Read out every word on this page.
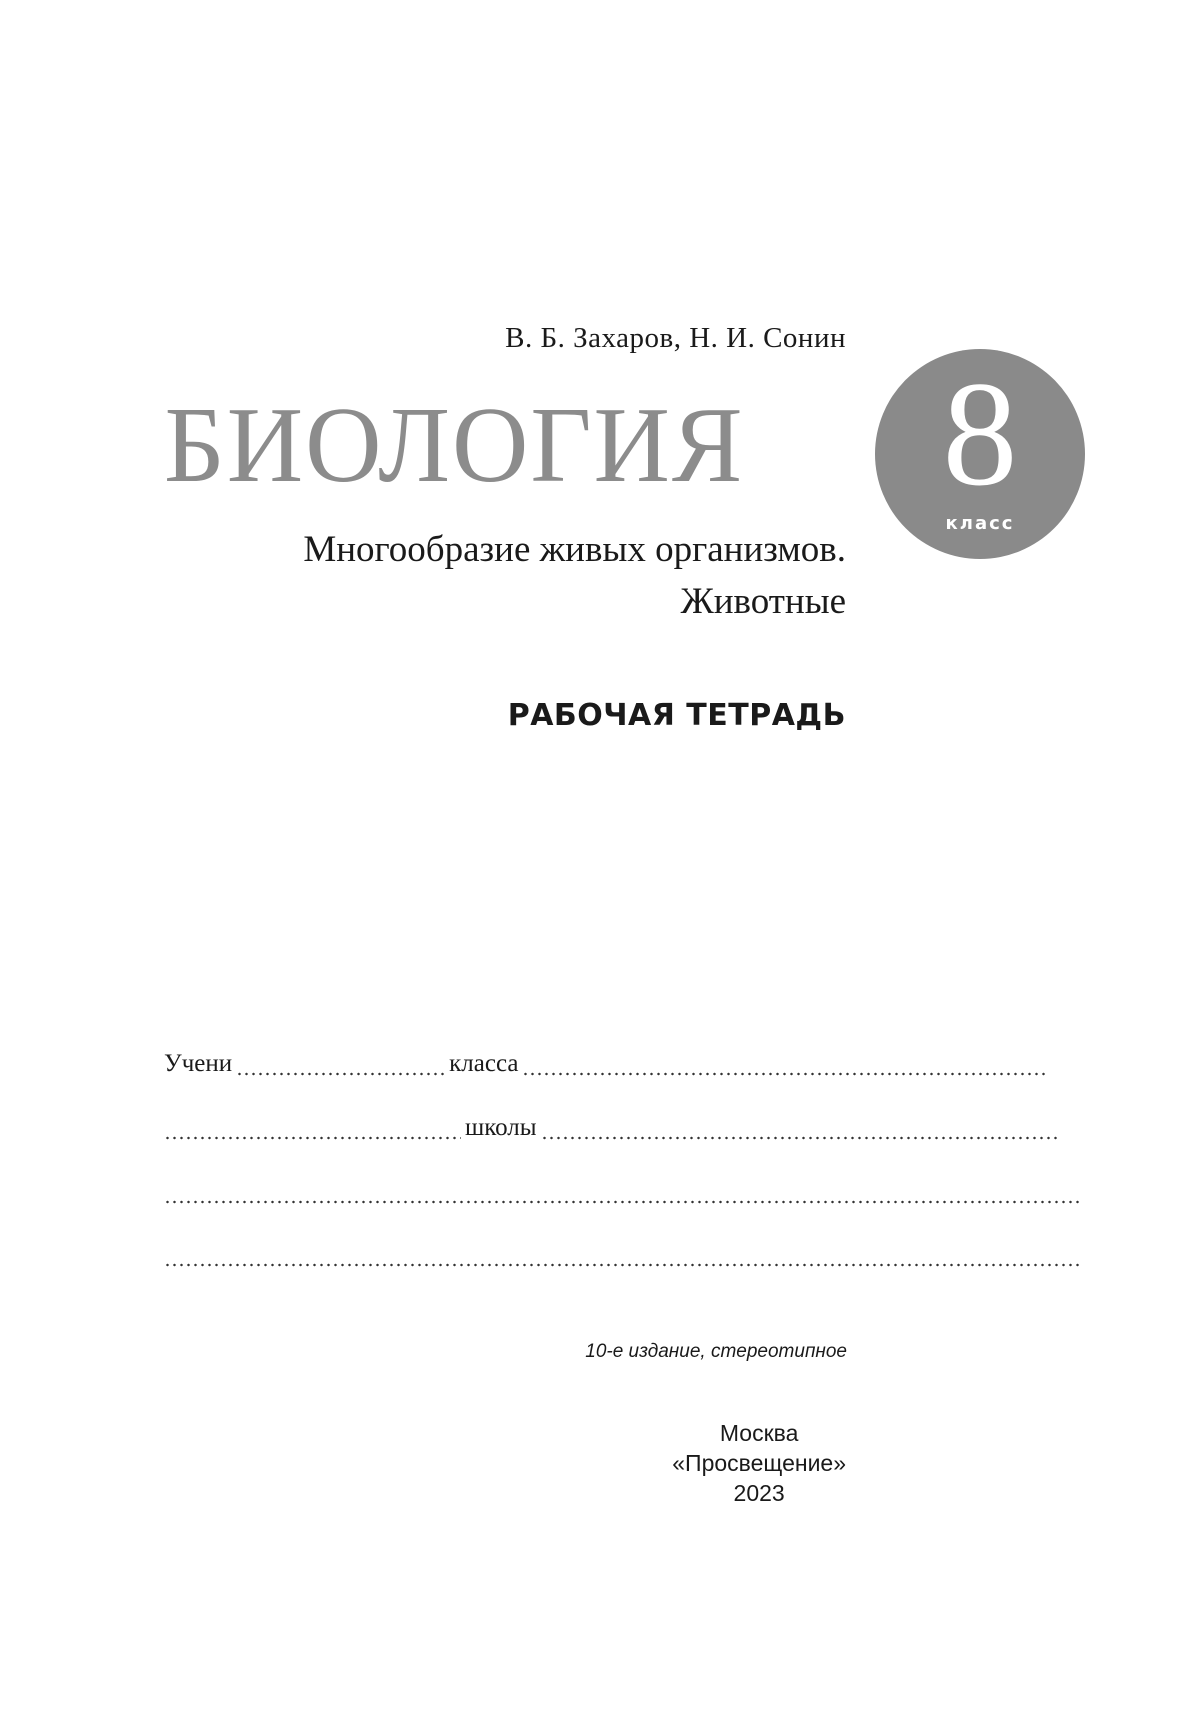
В. Б. Захаров, Н. И. Сонин
БИОЛОГИЯ	8
класс
Многообразие живых организмов.
Животные
РАБОЧАЯ ТЕТРАДЬ
Учени	класса
школы
10-е издание, стереотипное
Москва
«Просвещение»
2023
